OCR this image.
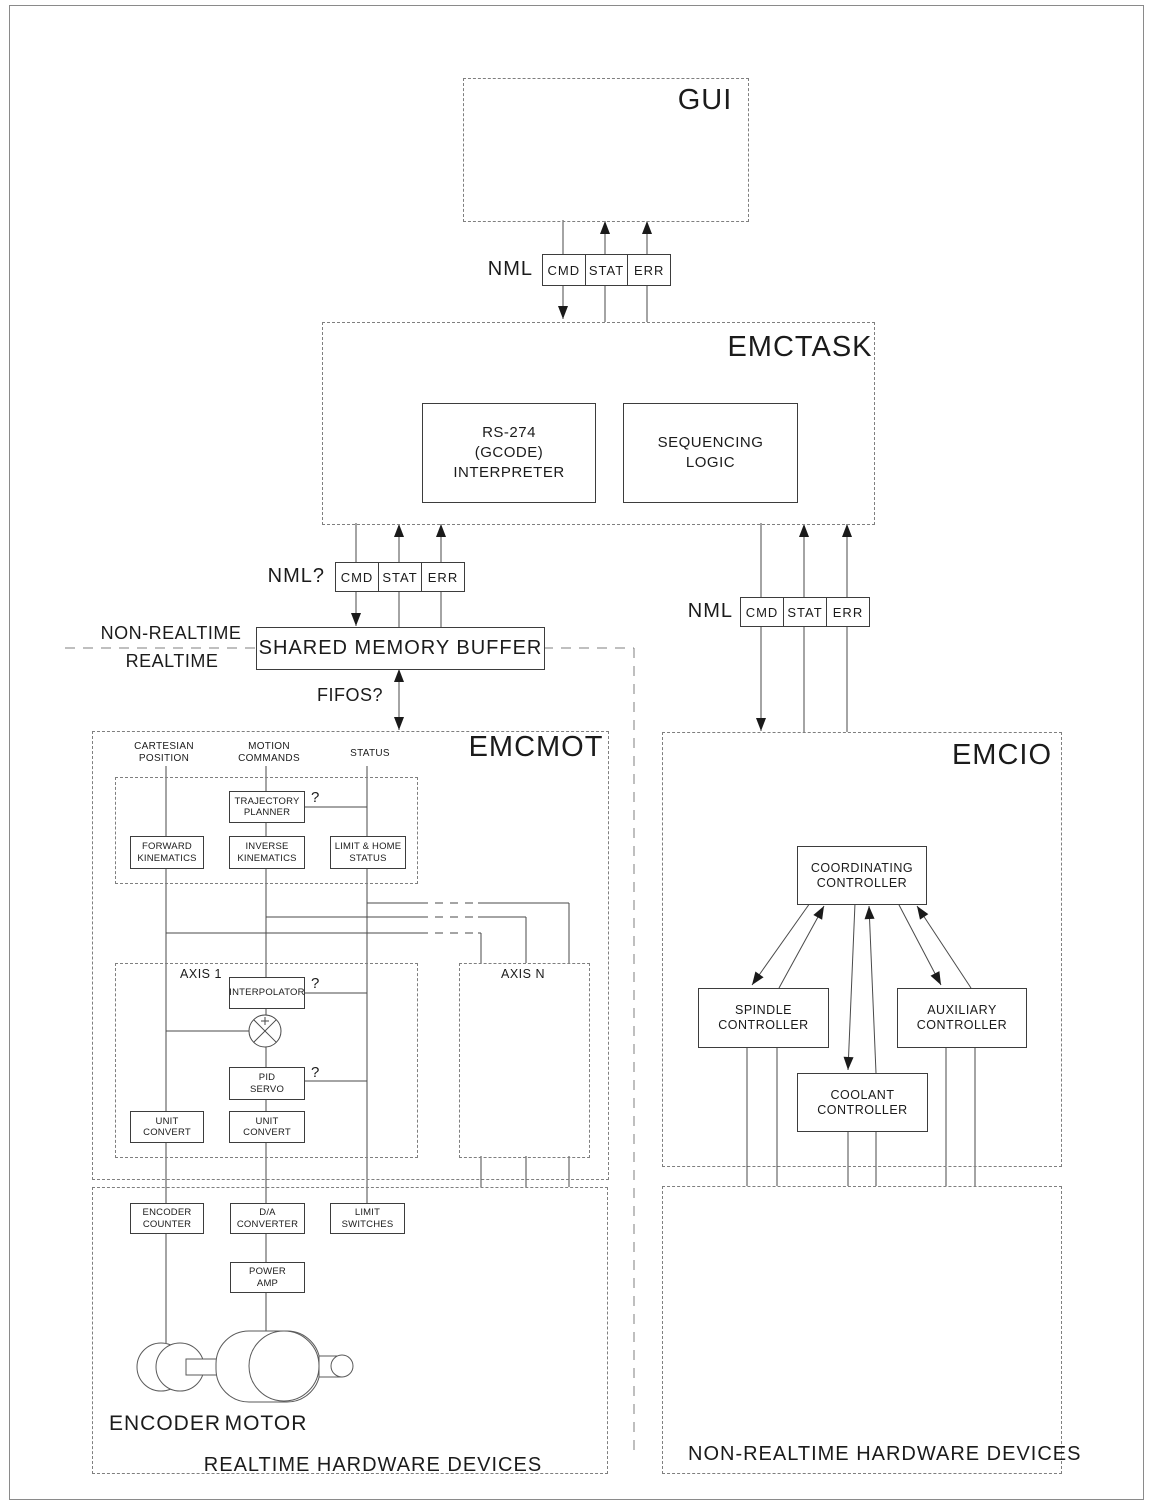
GUI
EMCTASK
EMCMOT	EMCIO
NML	CMD STAT ERR
NML?	CMD STAT ERR
NML CMD STAT ERR
RS-274
(GCODE)
INTERPRETER
SEQUENCING
LOGIC
NON-REALTIME
REALTIME
SHARED MEMORY BUFFER
FIFOS?
CARTESIAN
POSITION
MOTION
COMMANDS	STATUS
TRAJECTORY
PLANNER
FORWARD
KINEMATICS
INVERSE
KINEMATICS
LIMIT & HOME
STATUS
AXIS 1	AXIS N
INTERPOLATOR
PID
SERVO
UNIT
CONVERT
UNIT
CONVERT
?
?
?
ENCODER
COUNTER
D/A
CONVERTER
LIMIT
SWITCHES
POWER
AMP
ENCODER MOTOR
REALTIME HARDWARE DEVICES
COORDINATING
CONTROLLER
SPINDLE
CONTROLLER
AUXILIARY
CONTROLLER
COOLANT
CONTROLLER
NON-REALTIME HARDWARE DEVICES
